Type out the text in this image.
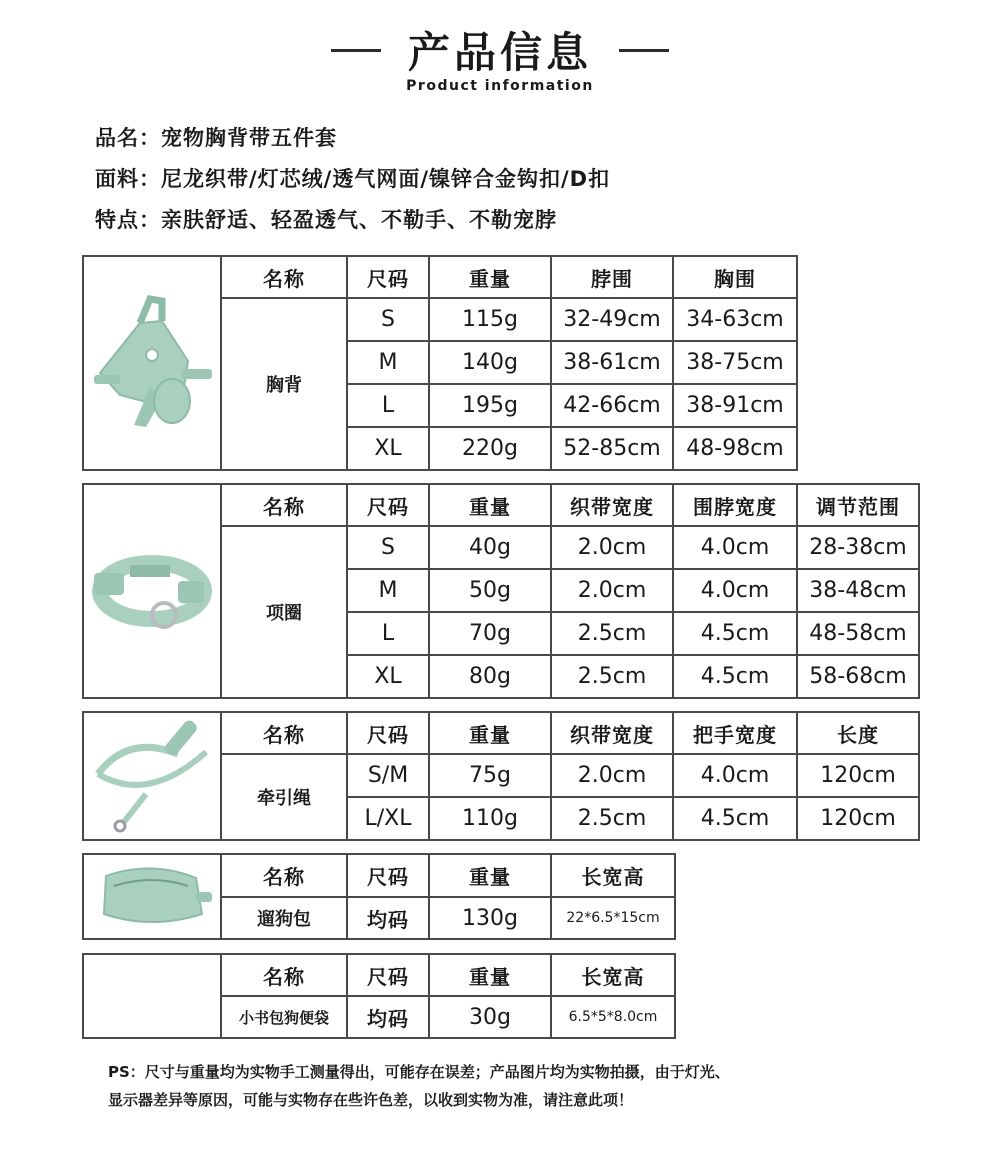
产品信息
Product information
品名：宠物胸背带五件套
面料：尼龙织带/灯芯绒/透气网面/镍锌合金钩扣/D扣
特点：亲肤舒适、轻盈透气、不勒手、不勒宠脖
	名称	尺码	重量	脖围	胸围
	胸背	S	115g	32-49cm	34-63cm
		M	140g	38-61cm	38-75cm
		L	195g	42-66cm	38-91cm
		XL	220g	52-85cm	48-98cm
	名称	尺码	重量	织带宽度	围脖宽度	调节范围
	项圈	S	40g	2.0cm	4.0cm	28-38cm
		M	50g	2.0cm	4.0cm	38-48cm
		L	70g	2.5cm	4.5cm	48-58cm
		XL	80g	2.5cm	4.5cm	58-68cm
	名称	尺码	重量	织带宽度	把手宽度	长度
	牵引绳	S/M	75g	2.0cm	4.0cm	120cm
		L/XL	110g	2.5cm	4.5cm	120cm
	名称	尺码	重量	长宽高
	遛狗包	均码	130g	22*6.5*15cm
	名称	尺码	重量	长宽高
	小书包狗便袋	均码	30g	6.5*5*8.0cm
PS：尺寸与重量均为实物手工测量得出，可能存在误差；产品图片均为实物拍摄，由于灯光、
显示器差异等原因，可能与实物存在些许色差，以收到实物为准，请注意此项！
